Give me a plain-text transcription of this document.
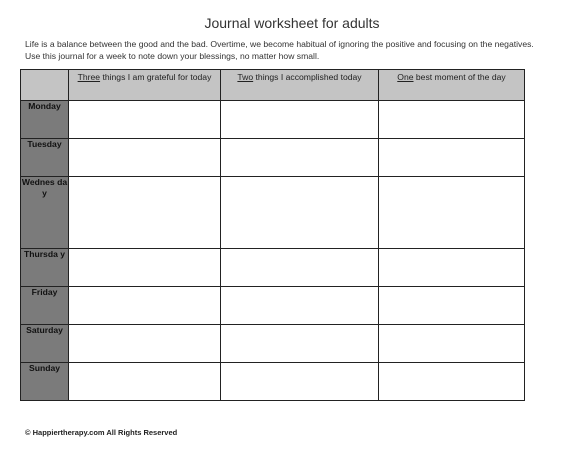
Journal worksheet for adults
Life is a balance between the good and the bad. Overtime, we become habitual of ignoring the positive and focusing on the negatives. Use this journal for a week to note down your blessings, no matter how small.
	Three things I am grateful for today	Two things I accomplished today	One best moment of the day
Monday			
Tuesday			
Wednes day			
Thursda y			
Friday			
Saturday			
Sunday			
© Happiertherapy.com All Rights Reserved
